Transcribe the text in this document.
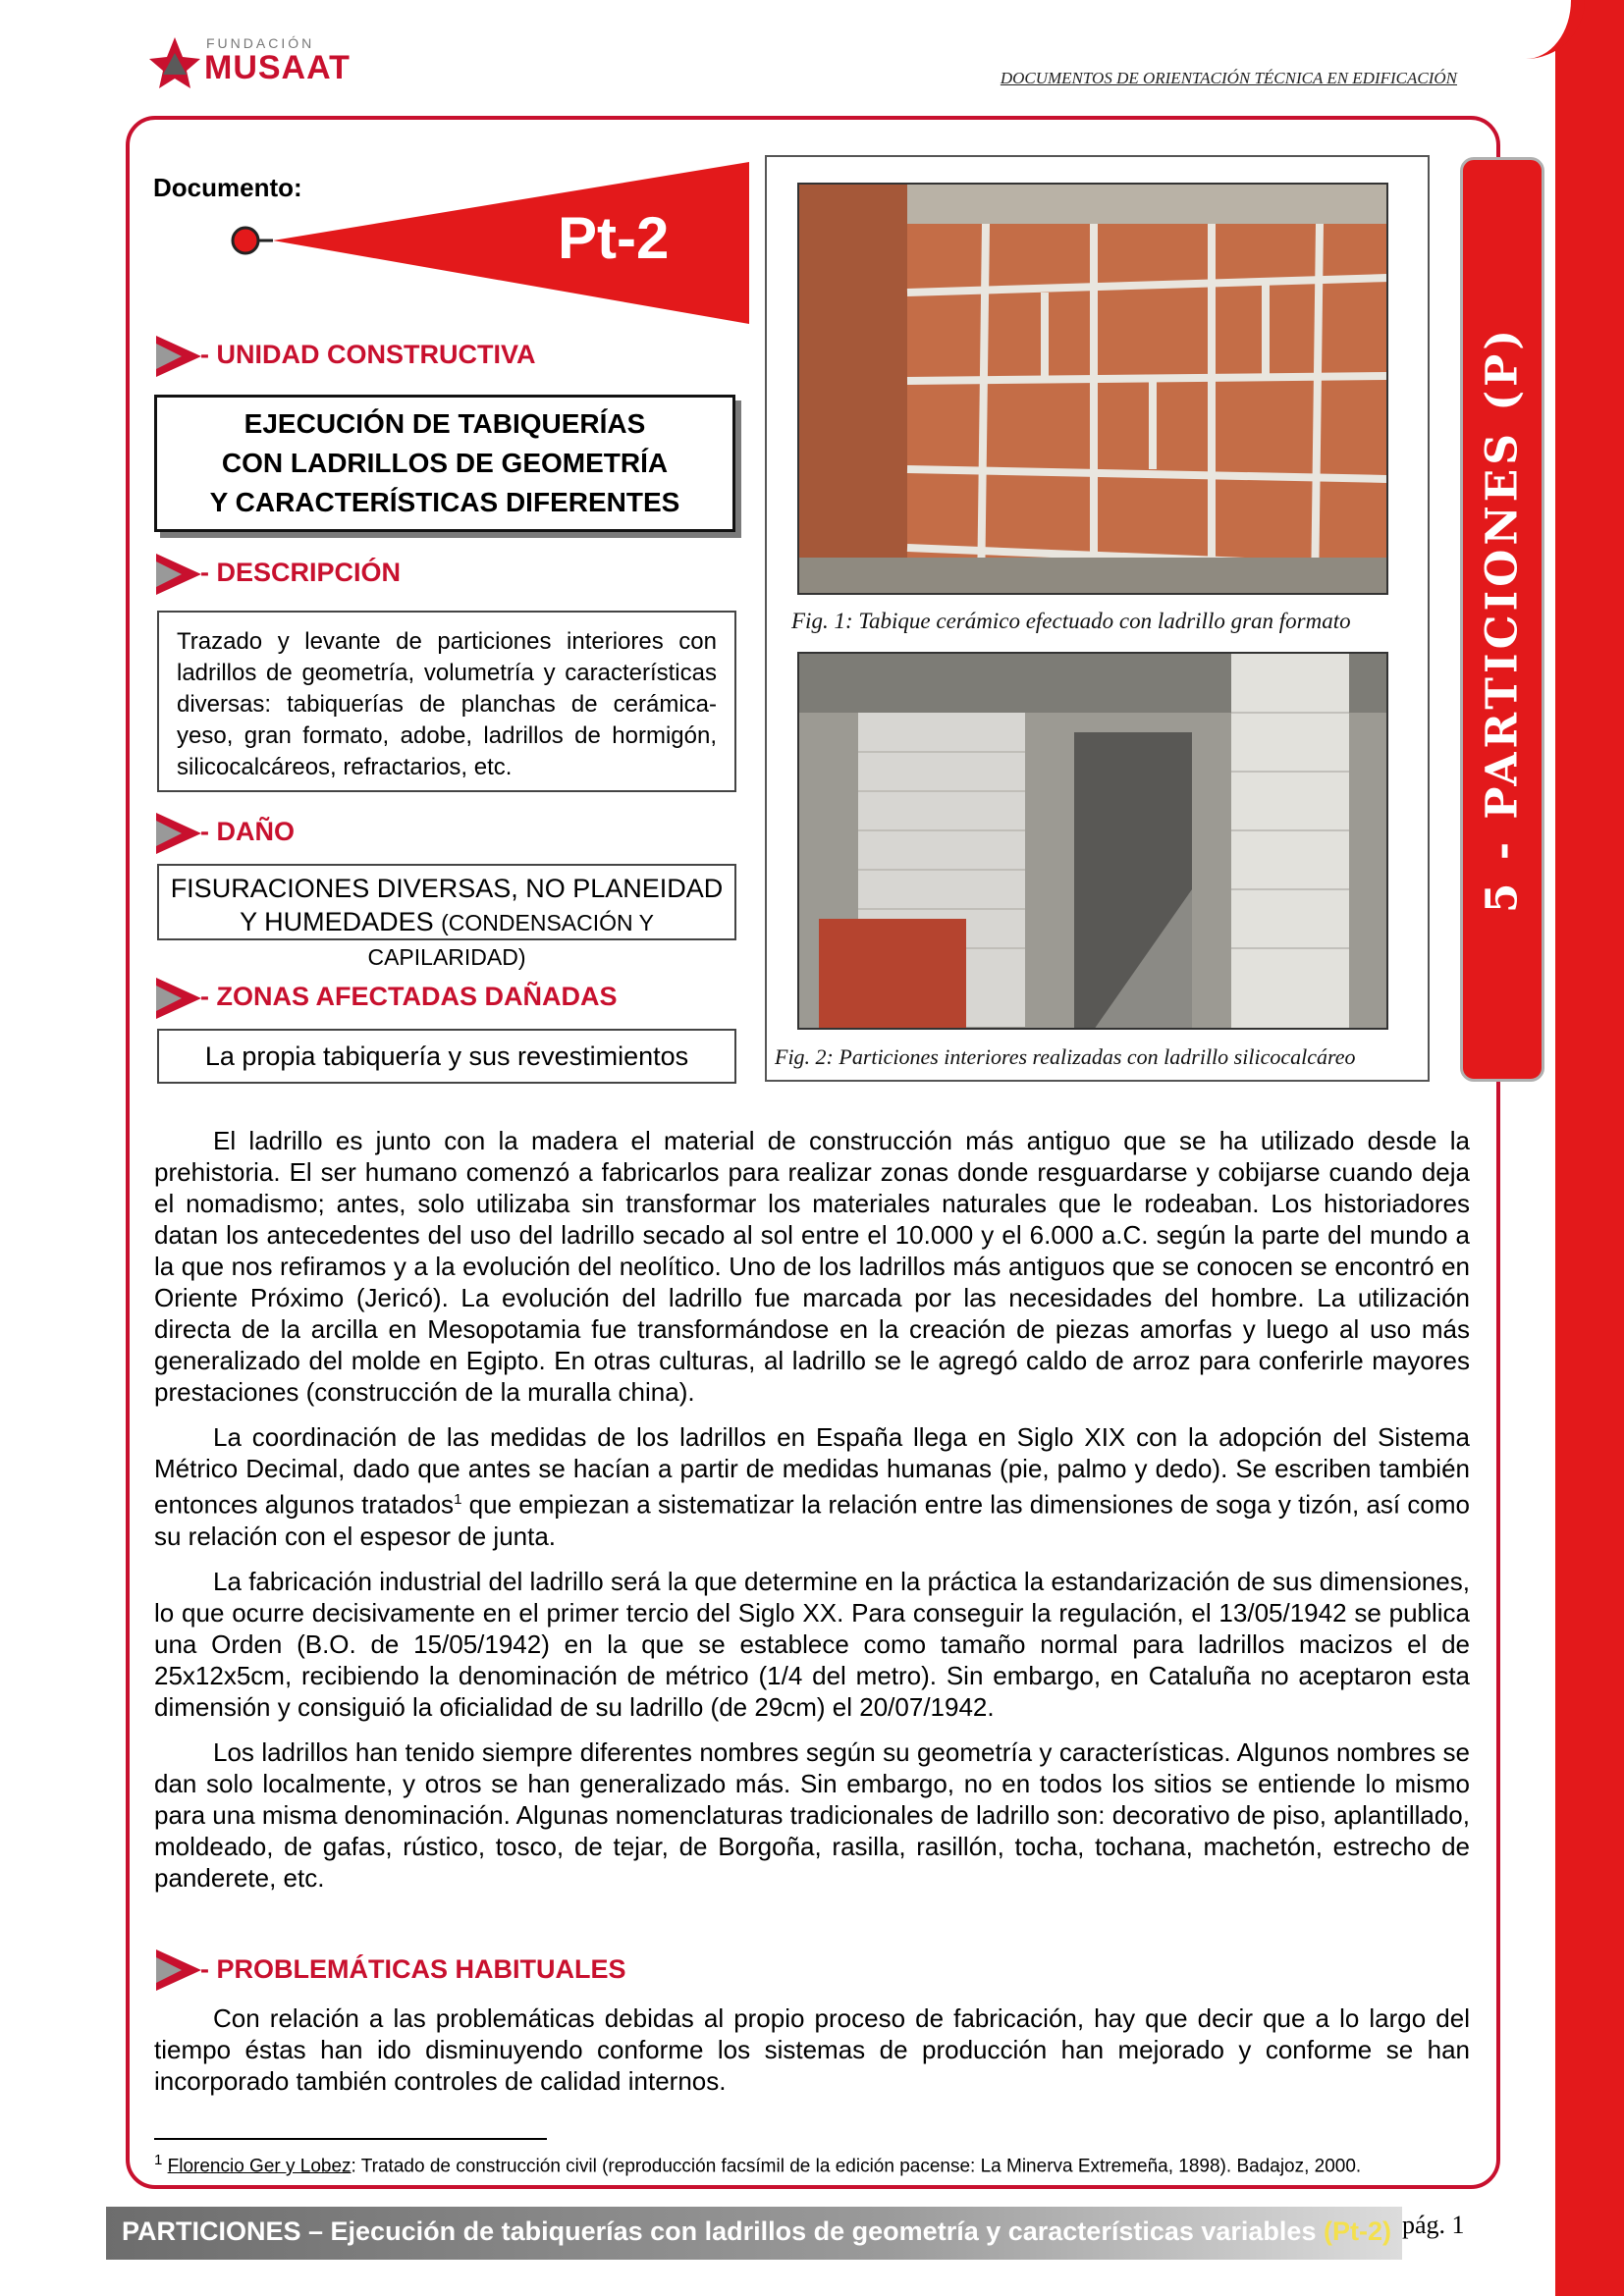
FUNDACIÓN
MUSAAT	DOCUMENTOS DE ORIENTACIÓN TÉCNICA EN EDIFICACIÓN
Documento:
Pt-2
- UNIDAD CONSTRUCTIVA
EJECUCIÓN DE TABIQUERÍAS
CON LADRILLOS DE GEOMETRÍA
Y CARACTERÍSTICAS DIFERENTES
- DESCRIPCIÓN
Trazado y levante de particiones interiores con ladrillos de geometría, volumetría y características diversas: tabiquerías de planchas de cerámica-yeso, gran formato, adobe, ladrillos de hormigón, silicocalcáreos, refractarios, etc.
- DAÑO
FISURACIONES DIVERSAS, NO PLANEIDAD
Y HUMEDADES (CONDENSACIÓN Y CAPILARIDAD)
- ZONAS AFECTADAS DAÑADAS
La propia tabiquería y sus revestimientos
Fig. 1: Tabique cerámico efectuado con ladrillo gran formato
Fig. 2: Particiones interiores realizadas con ladrillo silicocalcáreo
5 - PARTICIONES (P)

El ladrillo es junto con la madera el material de construcción más antiguo que se ha utilizado desde la prehistoria. El ser humano comenzó a fabricarlos para realizar zonas donde resguardarse y cobijarse cuando deja el nomadismo; antes, solo utilizaba sin transformar los materiales naturales que le rodeaban. Los historiadores datan los antecedentes del uso del ladrillo secado al sol entre el 10.000 y el 6.000 a.C. según la parte del mundo a la que nos refiramos y a la evolución del neolítico. Uno de los ladrillos más antiguos que se conocen se encontró en Oriente Próximo (Jericó). La evolución del ladrillo fue marcada por las necesidades del hombre. La utilización directa de la arcilla en Mesopotamia fue transformándose en la creación de piezas amorfas y luego al uso más generalizado del molde en Egipto. En otras culturas, al ladrillo se le agregó caldo de arroz para conferirle mayores prestaciones (construcción de la muralla china).

La coordinación de las medidas de los ladrillos en España llega en Siglo XIX con la adopción del Sistema Métrico Decimal, dado que antes se hacían a partir de medidas humanas (pie, palmo y dedo). Se escriben también entonces algunos tratados$^1$ que empiezan a sistematizar la relación entre las dimensiones de soga y tizón, así como su relación con el espesor de junta.

La fabricación industrial del ladrillo será la que determine en la práctica la estandarización de sus dimensiones, lo que ocurre decisivamente en el primer tercio del Siglo XX. Para conseguir la regulación, el 13/05/1942 se publica una Orden (B.O. de 15/05/1942) en la que se establece como tamaño normal para ladrillos macizos el de 25x12x5cm, recibiendo la denominación de métrico (1/4 del metro). Sin embargo, en Cataluña no aceptaron esta dimensión y consiguió la oficialidad de su ladrillo (de 29cm) el 20/07/1942.

Los ladrillos han tenido siempre diferentes nombres según su geometría y características. Algunos nombres se dan solo localmente, y otros se han generalizado más. Sin embargo, no en todos los sitios se entiende lo mismo para una misma denominación. Algunas nomenclaturas tradicionales de ladrillo son: decorativo de piso, aplantillado, moldeado, de gafas, rústico, tosco, de tejar, de Borgoña, rasilla, rasillón, tocha, tochana, machetón, estrecho de panderete, etc.

- PROBLEMÁTICAS HABITUALES

Con relación a las problemáticas debidas al propio proceso de fabricación, hay que decir que a lo largo del tiempo éstas han ido disminuyendo conforme los sistemas de producción han mejorado y conforme se han incorporado también controles de calidad internos.

$^1$ Florencio Ger y Lobez: Tratado de construcción civil (reproducción facsímil de la edición pacense: La Minerva Extremeña, 1898). Badajoz, 2000.
PARTICIONES – Ejecución de tabiquerías con ladrillos de geometría y características variables (Pt-2) pág. 1
